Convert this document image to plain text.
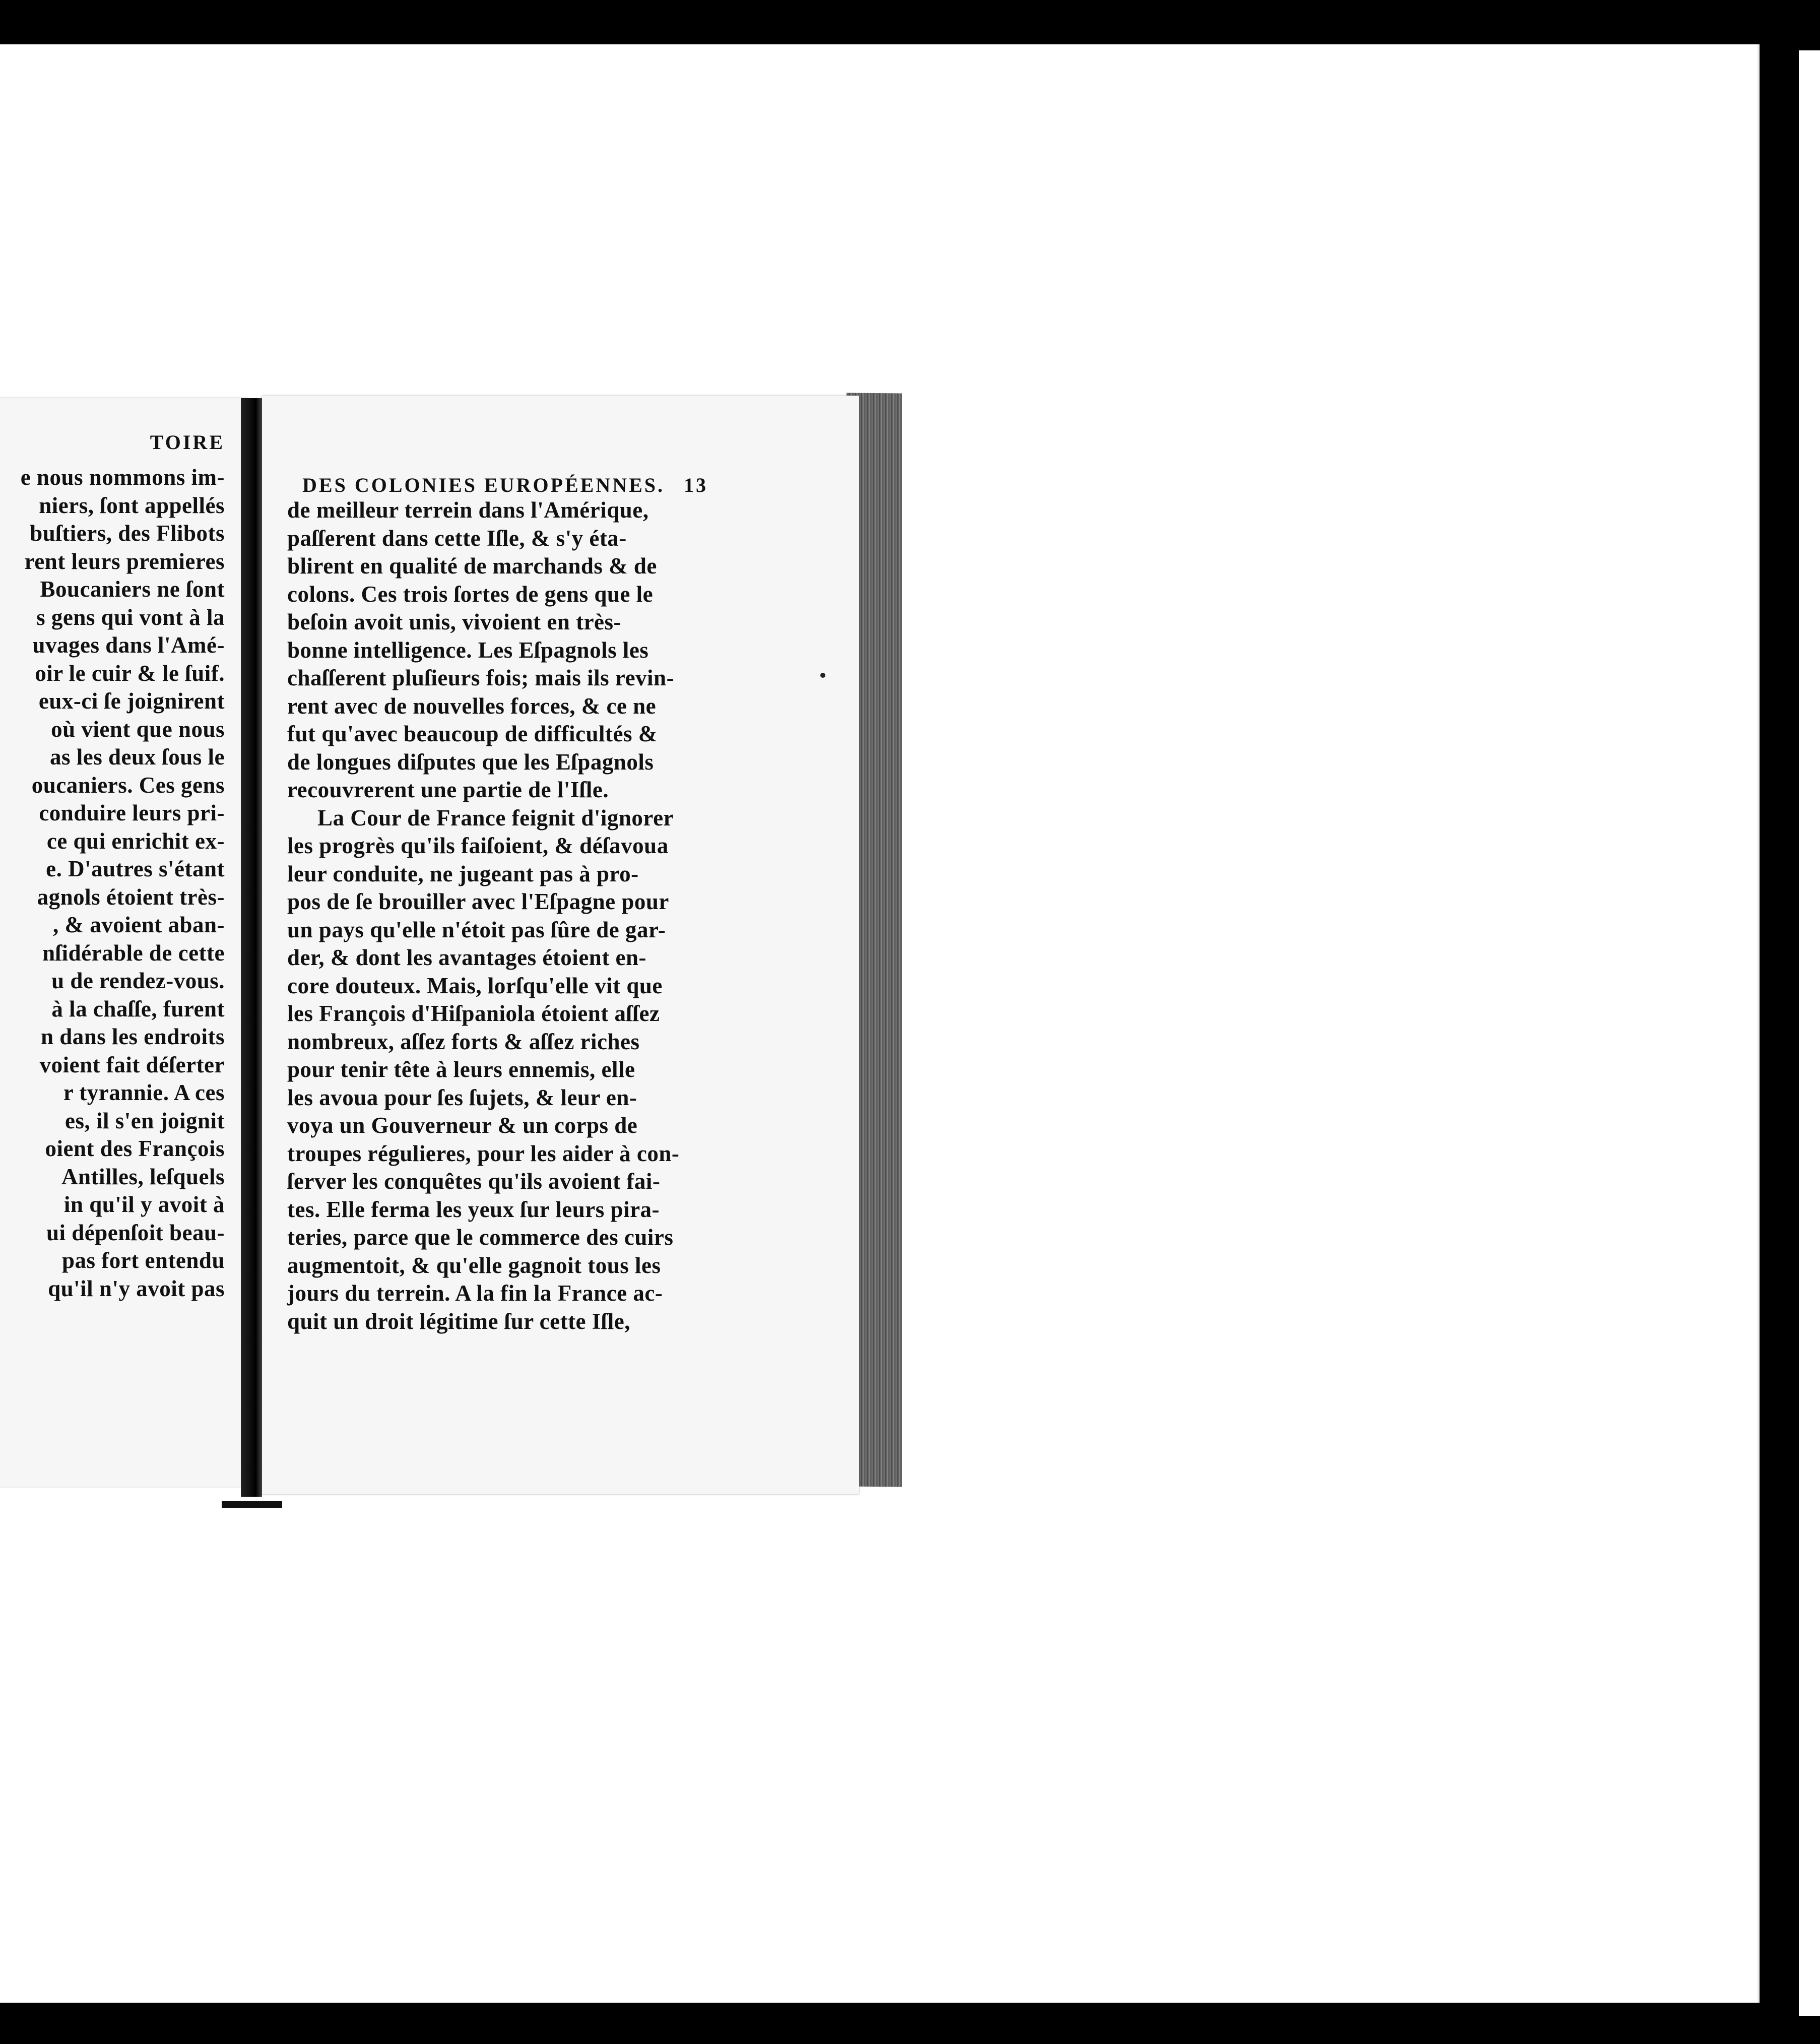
TOIRE
e nous nommons im-
niers, ſont appellés
buſtiers, des Flibots
rent leurs premieres
Boucaniers ne ſont
s gens qui vont à la
uvages dans l'Amé-
oir le cuir & le ſuif.
eux-ci ſe joignirent
où vient que nous
as les deux ſous le
oucaniers. Ces gens
conduire leurs pri-
ce qui enrichit ex-
e. D'autres s'étant
agnols étoient très-
, & avoient aban-
nſidérable de cette
u de rendez-vous.
à la chaſſe, furent
n dans les endroits
voient fait déſerter
r tyrannie. A ces
es, il s'en joignit
oient des François
Antilles, leſquels
in qu'il y avoit à
ui dépenſoit beau-
pas fort entendu
qu'il n'y avoit pas
DES COLONIES EUROPÉENNES. 13
de meilleur terrein dans l'Amérique,
paſſerent dans cette Iſle, & s'y éta-
blirent en qualité de marchands & de
colons. Ces trois ſortes de gens que le
beſoin avoit unis, vivoient en très-
bonne intelligence. Les Eſpagnols les
chaſſerent pluſieurs fois; mais ils revin-
rent avec de nouvelles forces, & ce ne
fut qu'avec beaucoup de difficultés &
de longues diſputes que les Eſpagnols
recouvrerent une partie de l'Iſle.
La Cour de France feignit d'ignorer
les progrès qu'ils faiſoient, & déſavoua
leur conduite, ne jugeant pas à pro-
pos de ſe brouiller avec l'Eſpagne pour
un pays qu'elle n'étoit pas ſûre de gar-
der, & dont les avantages étoient en-
core douteux. Mais, lorſqu'elle vit que
les François d'Hiſpaniola étoient aſſez
nombreux, aſſez forts & aſſez riches
pour tenir tête à leurs ennemis, elle
les avoua pour ſes ſujets, & leur en-
voya un Gouverneur & un corps de
troupes régulieres, pour les aider à con-
ſerver les conquêtes qu'ils avoient fai-
tes. Elle ferma les yeux ſur leurs pira-
teries, parce que le commerce des cuirs
augmentoit, & qu'elle gagnoit tous les
jours du terrein. A la fin la France ac-
quit un droit légitime ſur cette Iſle,
